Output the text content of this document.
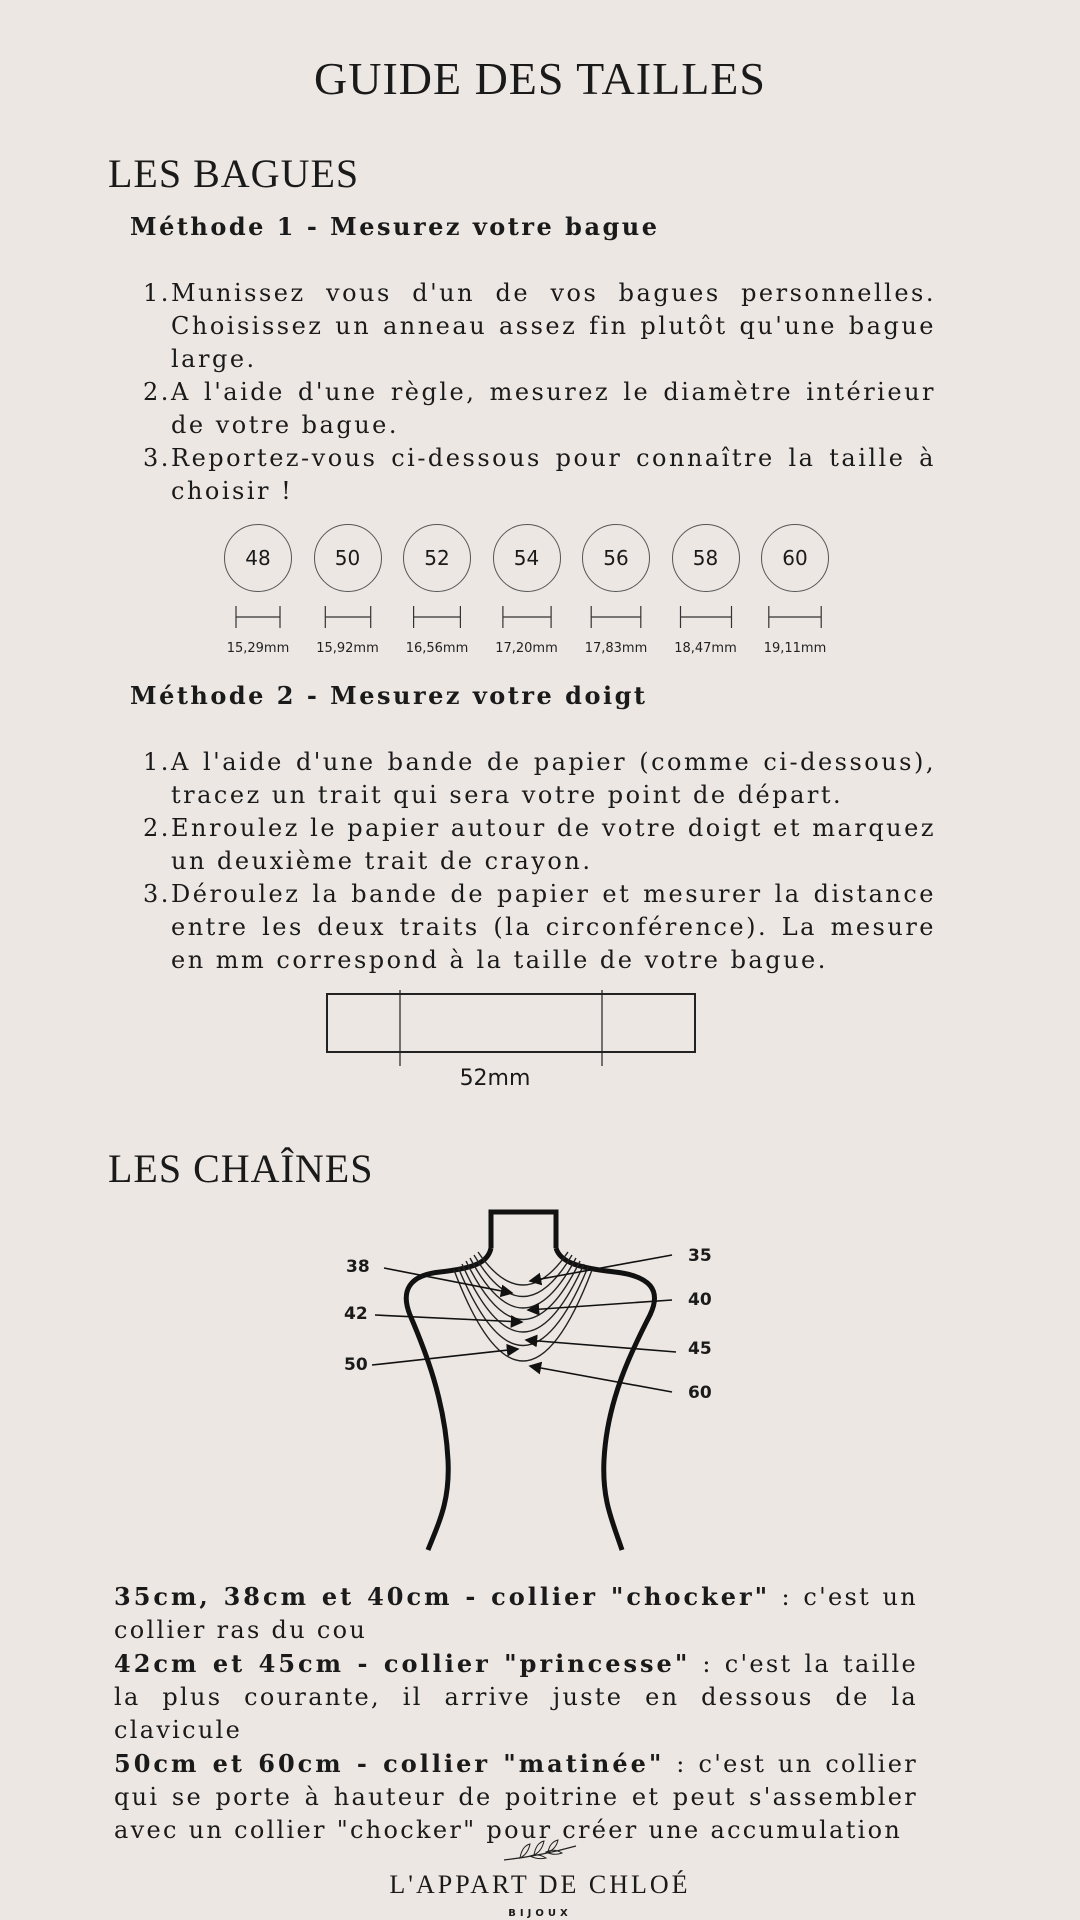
GUIDE DES TAILLES
LES BAGUES
Méthode 1 - Mesurez votre bague
1. Munissez vous d'un de vos bagues personnelles. Choisissez un anneau assez fin plutôt qu'une bague large.
2. A l'aide d'une règle, mesurez le diamètre intérieur de votre bague.
3. Reportez-vous ci-dessous pour connaître la taille à choisir !
48
15,29mm
50
15,92mm
52
16,56mm
54
17,20mm
56
17,83mm
58
18,47mm
60
19,11mm
Méthode 2 - Mesurez votre doigt
1. A l'aide d'une bande de papier (comme ci-dessous), tracez un trait qui sera votre point de départ.
2. Enroulez le papier autour de votre doigt et marquez un deuxième trait de crayon.
3. Déroulez la bande de papier et mesurer la distance entre les deux traits (la circonférence). La mesure en mm correspond à la taille de votre bague.
52mm
LES CHAÎNES
38
42
50
35
40
45
60

35cm, 38cm et 40cm - collier "chocker" : c'est un collier ras du cou

42cm et 45cm - collier "princesse" : c'est la taille la plus courante, il arrive juste en dessous de la clavicule

50cm et 60cm - collier "matinée" : c'est un collier qui se porte à hauteur de poitrine et peut s'assembler avec un collier "chocker" pour créer une accumulation

L'APPART DE CHLOÉ
BIJOUX
